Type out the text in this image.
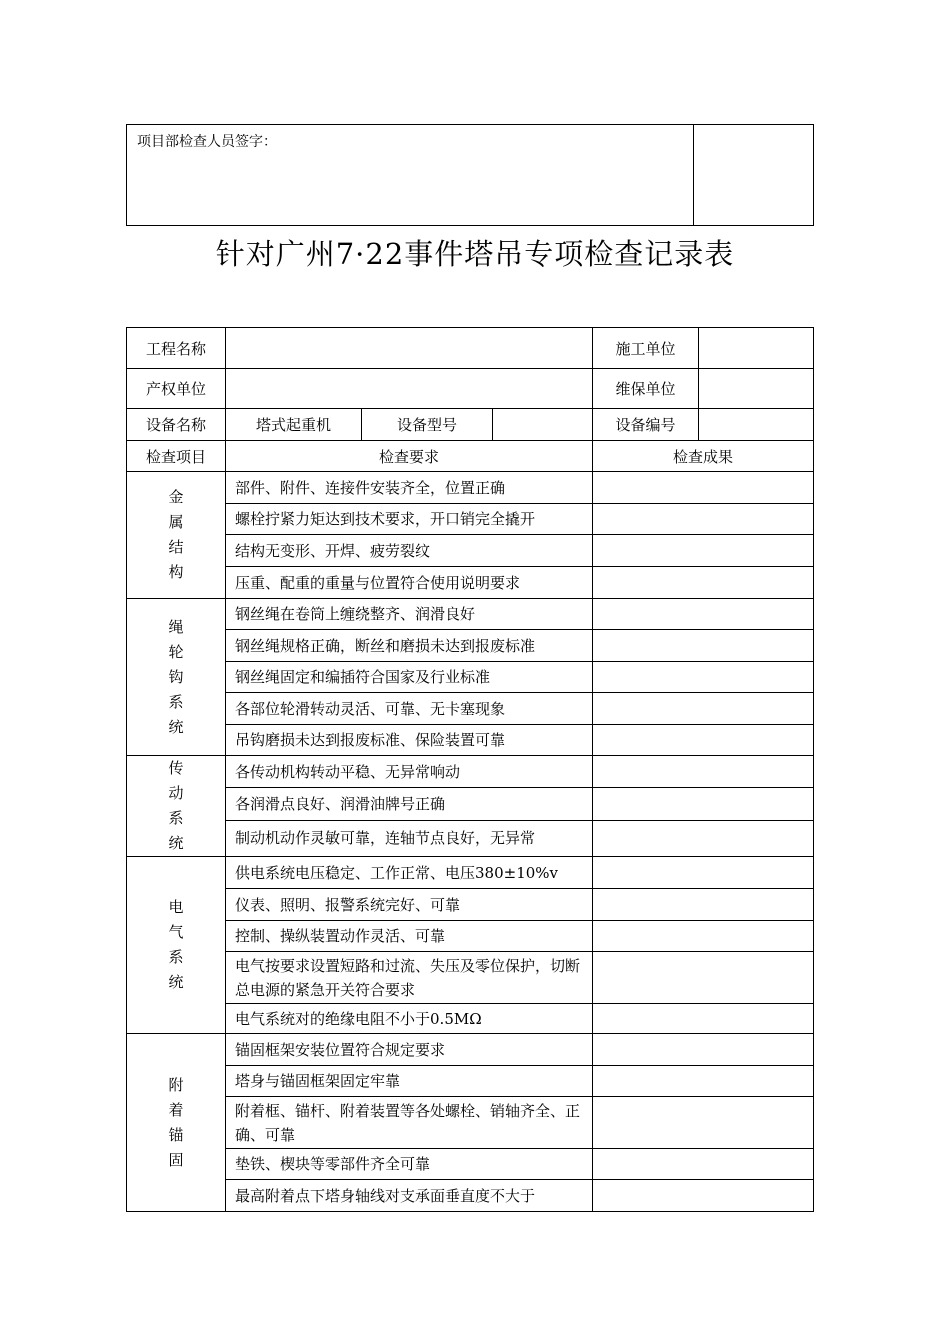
项目部检查人员签字：
针对广州7·22事件塔吊专项检查记录表
工程名称				施工单位	
产权单位				维保单位	
设备名称	塔式起重机	设备型号		设备编号	
检查项目	检查要求			检查成果	

金
属
结
构	部件、附件、连接件安装齐全，位置正确				
	螺栓拧紧力矩达到技术要求，开口销完全撬开				
	结构无变形、开焊、疲劳裂纹				
	压重、配重的重量与位置符合使用说明要求				

绳
轮
钩
系
统	钢丝绳在卷筒上缠绕整齐、润滑良好				
	钢丝绳规格正确，断丝和磨损未达到报废标准				
	钢丝绳固定和编插符合国家及行业标准				
	各部位轮滑转动灵活、可靠、无卡塞现象				
	吊钩磨损未达到报废标准、保险装置可靠				

传
动
系
统	各传动机构转动平稳、无异常响动				
	各润滑点良好、润滑油牌号正确				
	制动机动作灵敏可靠，连轴节点良好，无异常				

电
气
系
统	供电系统电压稳定、工作正常、电压380±10%v				
	仪表、照明、报警系统完好、可靠				
	控制、操纵装置动作灵活、可靠				
	电气按要求设置短路和过流、失压及零位保护，切断总电源的紧急开关符合要求				
	电气系统对的绝缘电阻不小于0.5MΩ				

附
着
锚
固	锚固框架安装位置符合规定要求				
	塔身与锚固框架固定牢靠				
	附着框、锚杆、附着装置等各处螺栓、销轴齐全、正确、可靠				
	垫铁、楔块等零部件齐全可靠				
	最高附着点下塔身轴线对支承面垂直度不大于				
